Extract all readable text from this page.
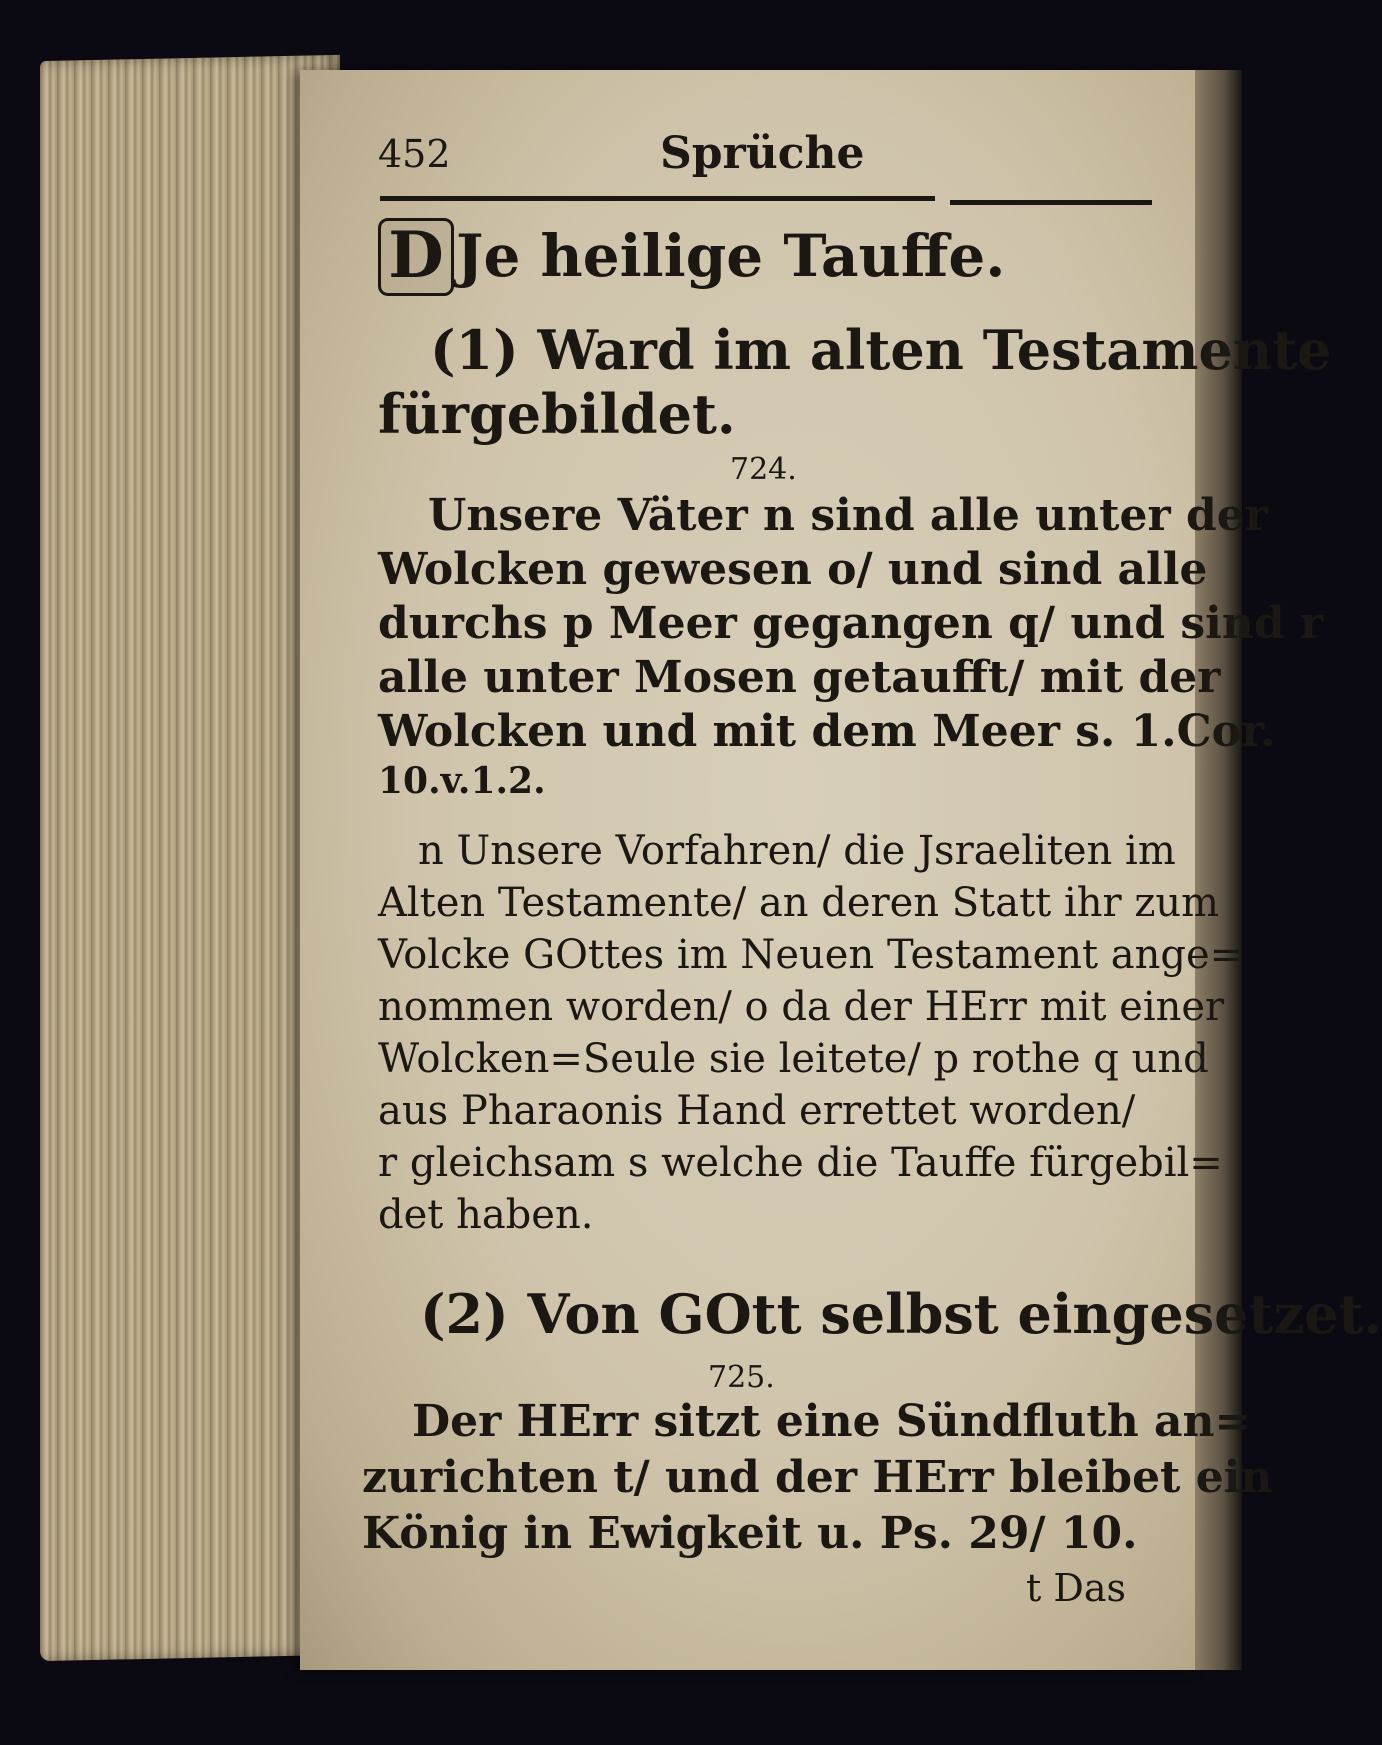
452	Sprüche
D Je heilige Tauffe.
(1) Ward im alten Testamente
fürgebildet.
724.
Unsere Väter n sind alle unter der
Wolcken gewesen o/ und sind alle
durchs p Meer gegangen q/ und sind r
alle unter Mosen getaufft/ mit der
Wolcken und mit dem Meer s. 1.Cor.
10.v.1.2.
n Unsere Vorfahren/ die Jsraeliten im
Alten Testamente/ an deren Statt ihr zum
Volcke GOttes im Neuen Testament ange=
nommen worden/ o da der HErr mit einer
Wolcken=Seule sie leitete/ p rothe q und
aus Pharaonis Hand errettet worden/
r gleichsam s welche die Tauffe fürgebil=
det haben.
(2) Von GOtt selbst eingesetzet.
725.
Der HErr sitzt eine Sündfluth an=
zurichten t/ und der HErr bleibet ein
König in Ewigkeit u. Ps. 29/ 10.
t Das
